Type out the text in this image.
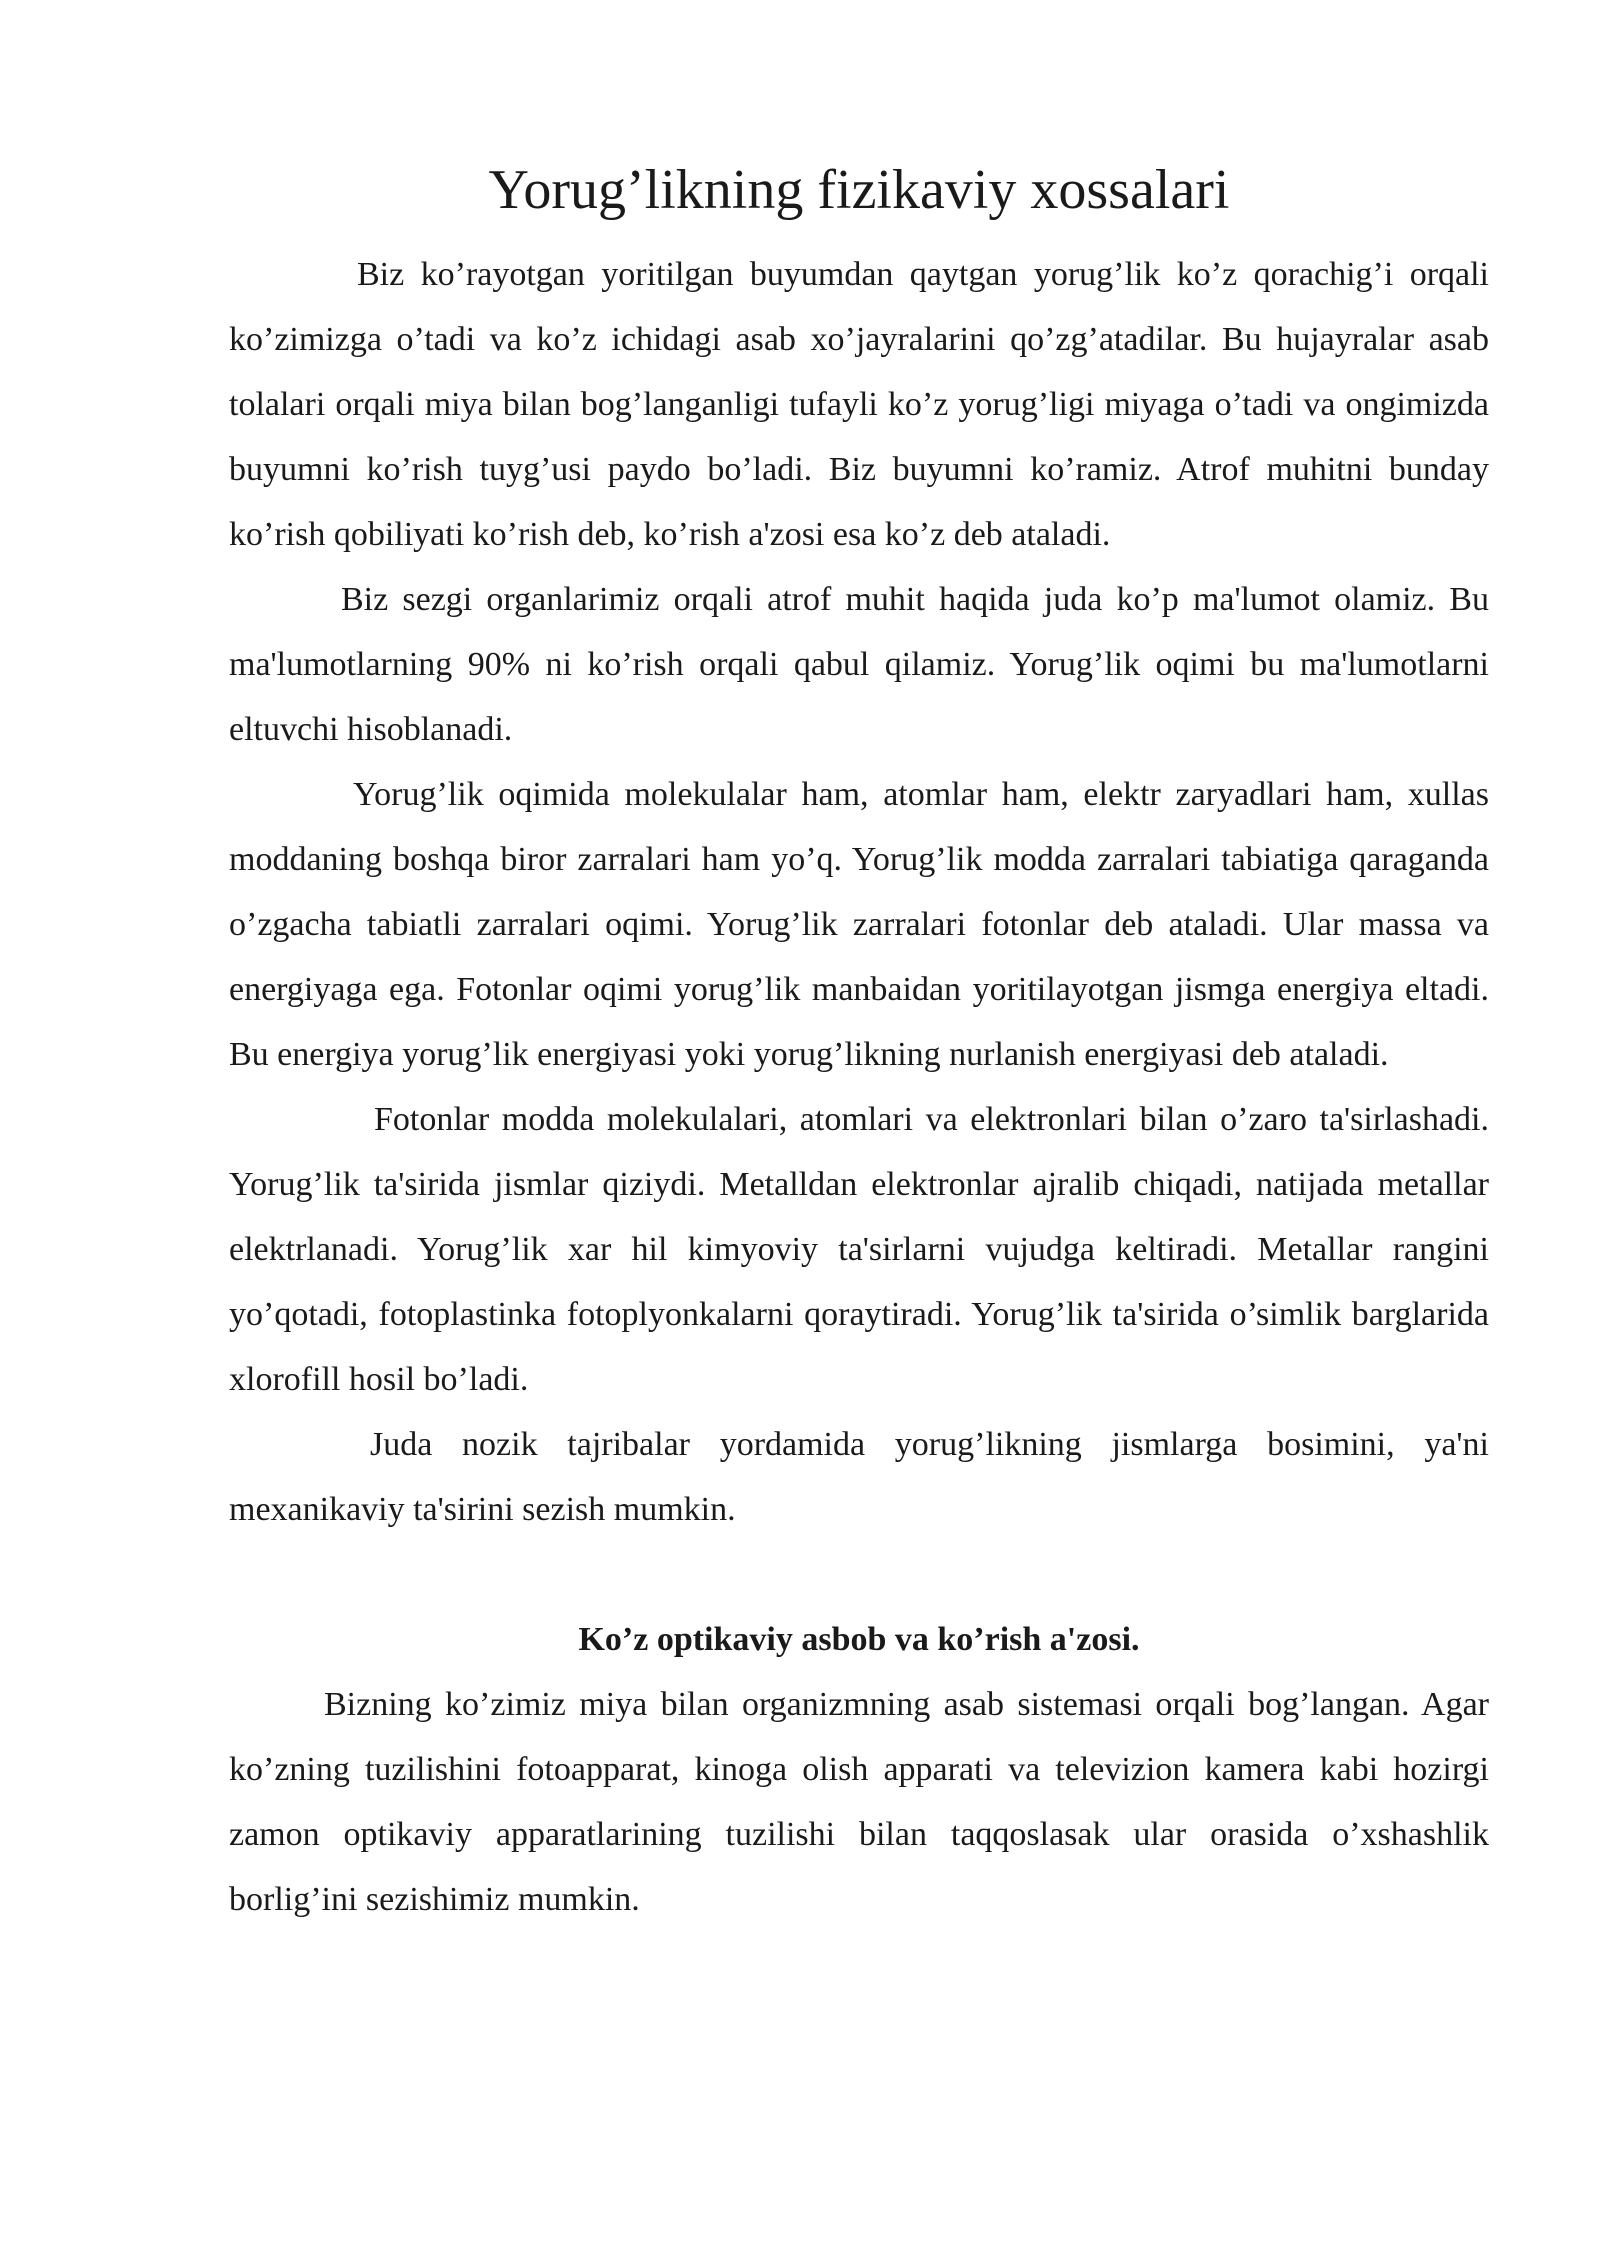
Yorug’likning fizikaviy xossalari

Biz ko’rayotgan yoritilgan buyumdan qaytgan yorug’lik ko’z qorachig’i orqali ko’zimizga o’tadi va ko’z ichidagi asab xo’jayralarini qo’zg’atadilar. Bu hujayralar asab tolalari orqali miya bilan bog’langanligi tufayli ko’z yorug’ligi miyaga o’tadi va ongimizda buyumni ko’rish tuyg’usi paydo bo’ladi. Biz buyumni ko’ramiz. Atrof muhitni bunday ko’rish qobiliyati ko’rish deb, ko’rish a'zosi esa ko’z deb ataladi.

Biz sezgi organlarimiz orqali atrof muhit haqida juda ko’p ma'lumot olamiz. Bu ma'lumotlarning 90% ni ko’rish orqali qabul qilamiz. Yorug’lik oqimi bu ma'lumotlarni eltuvchi hisoblanadi.

Yorug’lik oqimida molekulalar ham, atomlar ham, elektr zaryadlari ham, xullas moddaning boshqa biror zarralari ham yo’q. Yorug’lik modda zarralari tabiatiga qaraganda o’zgacha tabiatli zarralari oqimi. Yorug’lik zarralari fotonlar deb ataladi. Ular massa va energiyaga ega. Fotonlar oqimi yorug’lik manbaidan yoritilayotgan jismga energiya eltadi. Bu energiya yorug’lik energiyasi yoki yorug’likning nurlanish energiyasi deb ataladi.

Fotonlar modda molekulalari, atomlari va elektronlari bilan o’zaro ta'sirlashadi. Yorug’lik ta'sirida jismlar qiziydi. Metalldan elektronlar ajralib chiqadi, natijada metallar elektrlanadi. Yorug’lik xar hil kimyoviy ta'sirlarni vujudga keltiradi. Metallar rangini yo’qotadi, fotoplastinka fotoplyonkalarni qoraytiradi. Yorug’lik ta'sirida o’simlik barglarida xlorofill hosil bo’ladi.

Juda nozik tajribalar yordamida yorug’likning jismlarga bosimini, ya'ni mexanikaviy ta'sirini sezish mumkin.

Ko’z optikaviy asbob va ko’rish a'zosi.

Bizning ko’zimiz miya bilan organizmning asab sistemasi orqali bog’langan. Agar ko’zning tuzilishini fotoapparat, kinoga olish apparati va televizion kamera kabi hozirgi zamon optikaviy apparatlarining tuzilishi bilan taqqoslasak ular orasida o’xshashlik borlig’ini sezishimiz mumkin.
